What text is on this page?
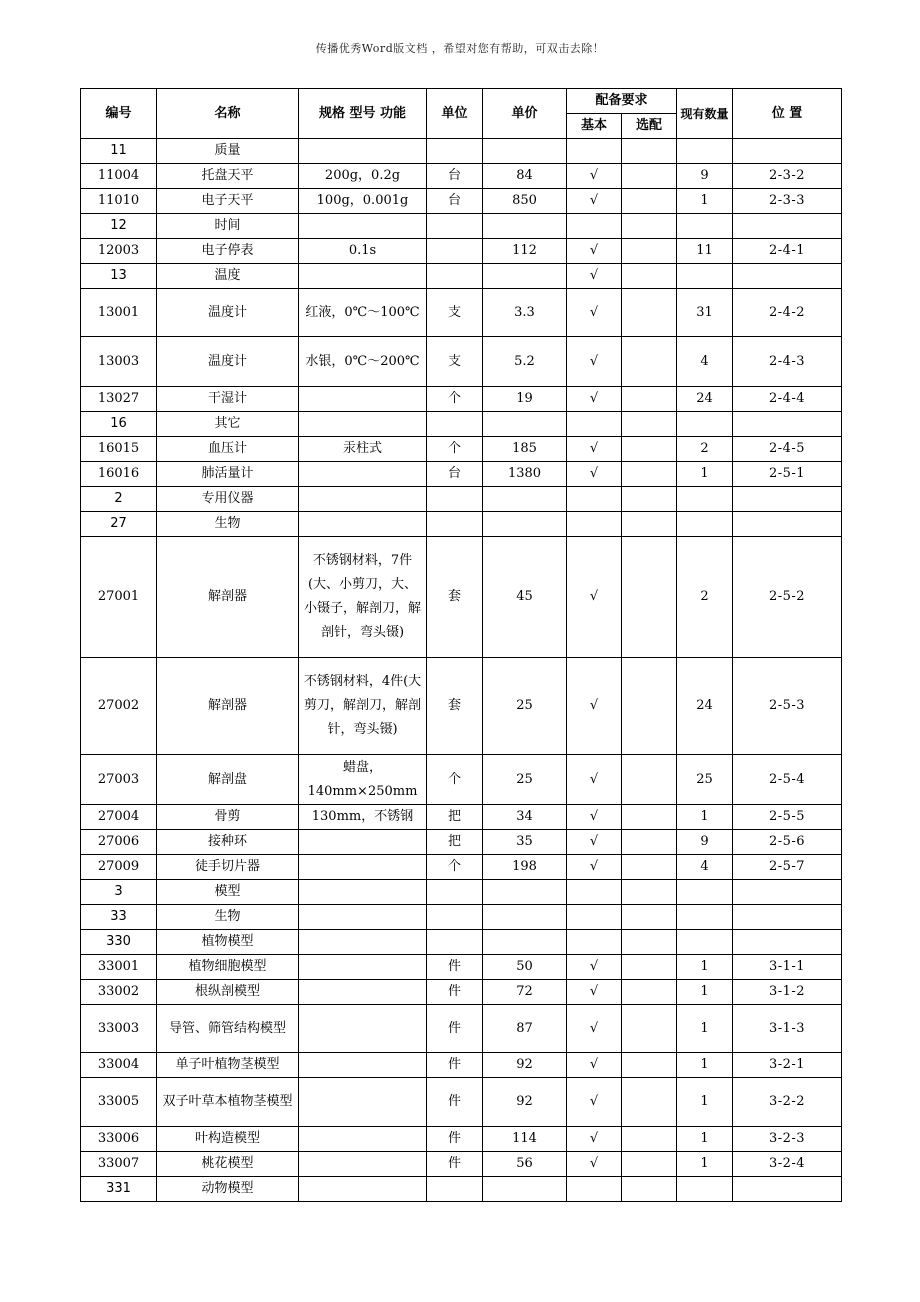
传播优秀Word版文档 ，希望对您有帮助，可双击去除！
编号	名称	规格 型号 功能	单位	单价	配备要求		现有数量	位 置
					基本	选配		
11	质量							
11004	托盘天平	200g，0.2g	台	84	√		9	2-3-2
11010	电子天平	100g，0.001g	台	850	√		1	2-3-3
12	时间							
12003	电子停表	0.1s		112	√		11	2-4-1
13	温度				√			
13001	温度计	红液，0℃～100℃	支	3.3	√		31	2-4-2
13003	温度计	水银，0℃～200℃	支	5.2	√		4	2-4-3
13027	干湿计		个	19	√		24	2-4-4
16	其它							
16015	血压计	汞柱式	个	185	√		2	2-4-5
16016	肺活量计		台	1380	√		1	2-5-1
2	专用仪器							
27	生物							
27001	解剖器	不锈钢材料，7件(大、小剪刀，大、小镊子，解剖刀，解剖针，弯头镊)	套	45	√		2	2-5-2
27002	解剖器	不锈钢材料，4件(大剪刀，解剖刀，解剖针，弯头镊)	套	25	√		24	2-5-3
27003	解剖盘	蜡盘，140mm×250mm	个	25	√		25	2-5-4
27004	骨剪	130mm，不锈钢	把	34	√		1	2-5-5
27006	接种环		把	35	√		9	2-5-6
27009	徒手切片器		个	198	√		4	2-5-7
3	模型							
33	生物							
330	植物模型							
33001	植物细胞模型		件	50	√		1	3-1-1
33002	根纵剖模型		件	72	√		1	3-1-2
33003	导管、筛管结构模型		件	87	√		1	3-1-3
33004	单子叶植物茎模型		件	92	√		1	3-2-1
33005	双子叶草本植物茎模型		件	92	√		1	3-2-2
33006	叶构造模型		件	114	√		1	3-2-3
33007	桃花模型		件	56	√		1	3-2-4
331	动物模型							
